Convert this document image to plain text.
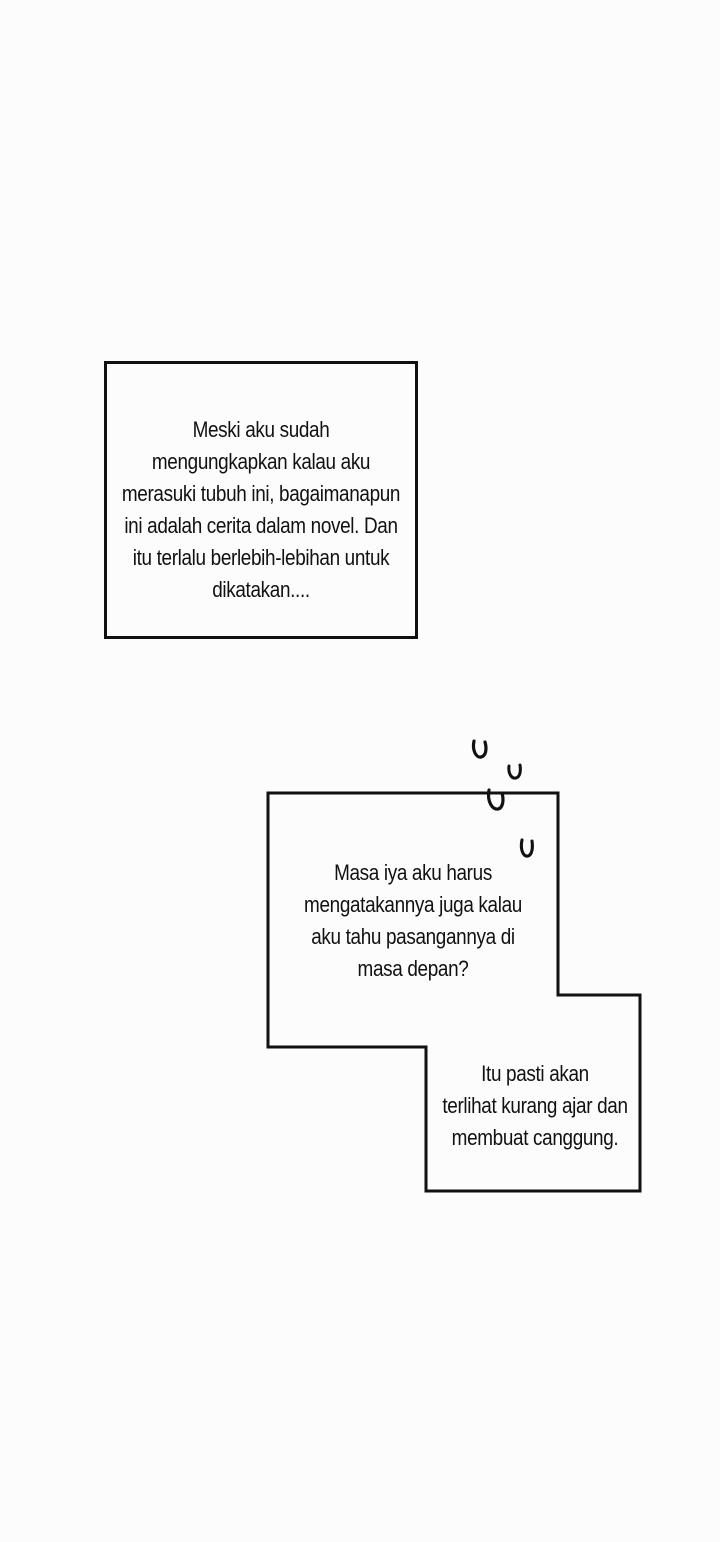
Meski aku sudah
mengungkapkan kalau aku
merasuki tubuh ini, bagaimanapun
ini adalah cerita dalam novel. Dan
itu terlalu berlebih-lebihan untuk
dikatakan....
Masa iya aku harus
mengatakannya juga kalau
aku tahu pasangannya di
masa depan?
Itu pasti akan
terlihat kurang ajar dan
membuat canggung.
